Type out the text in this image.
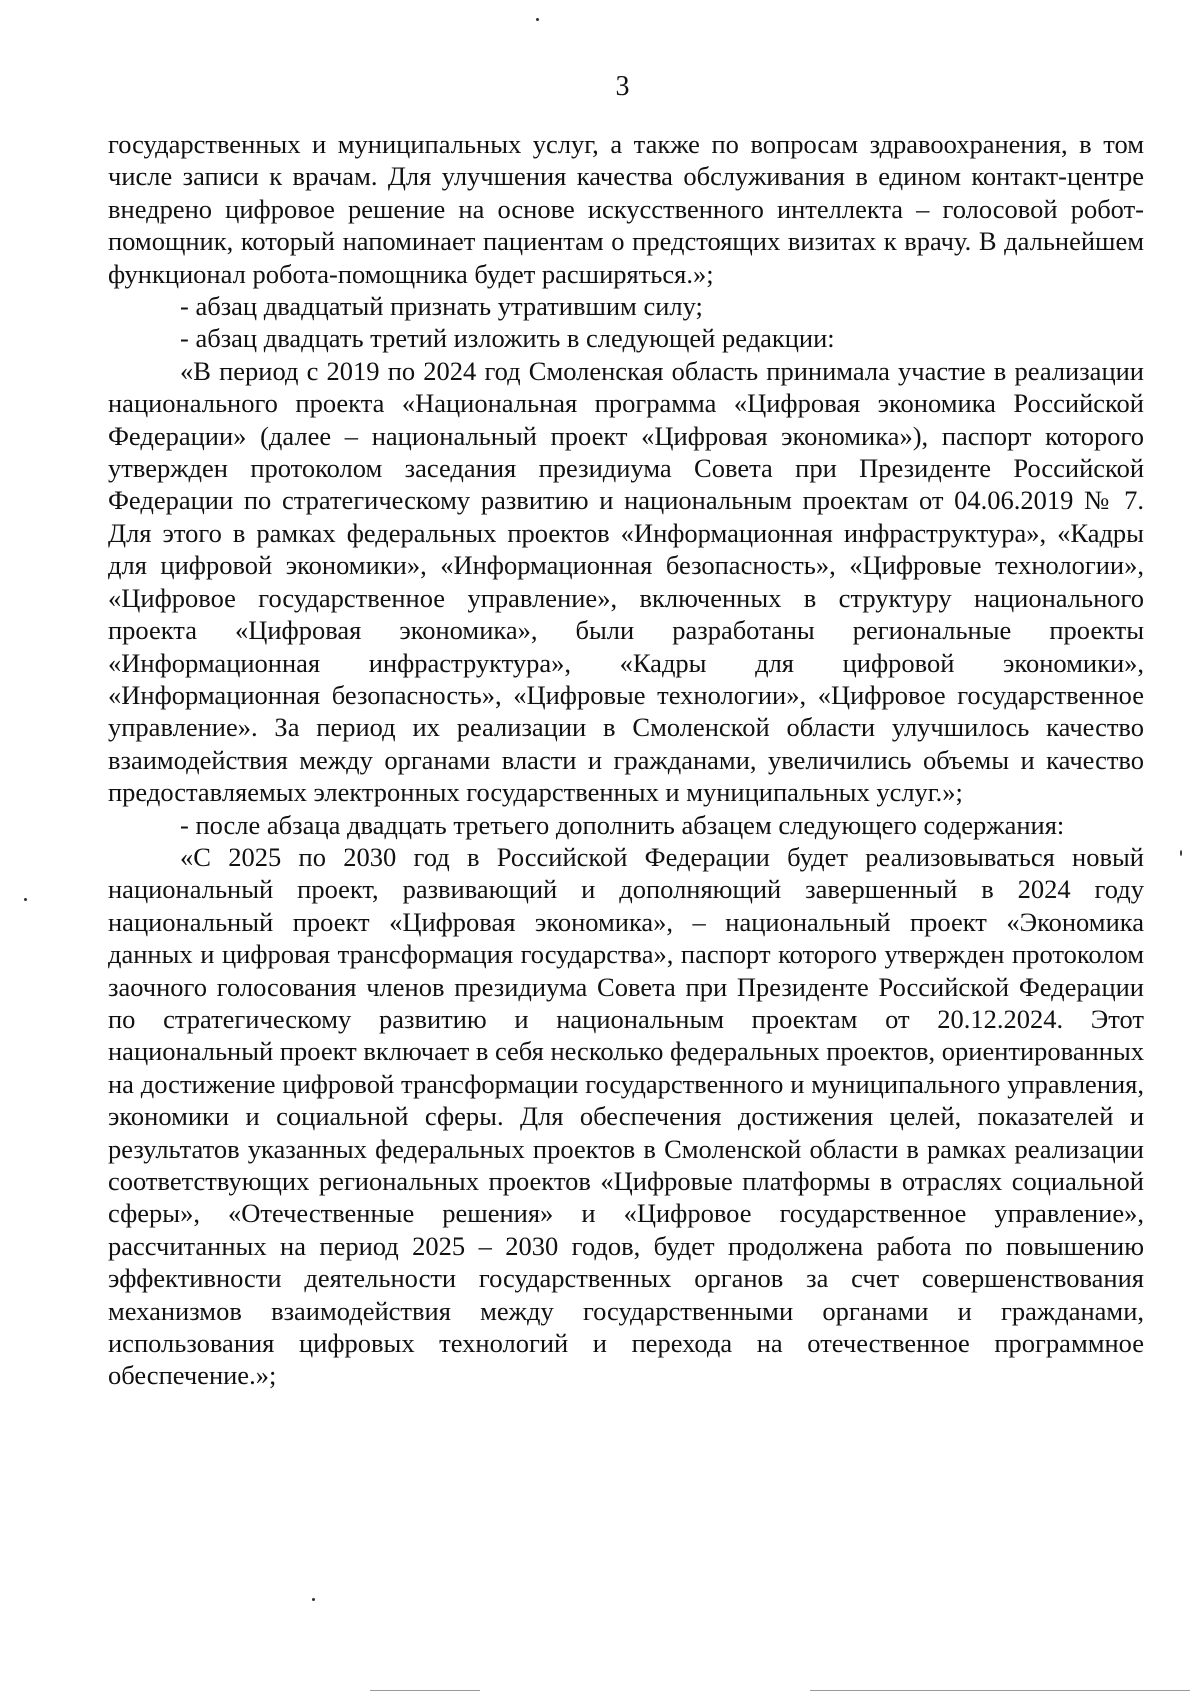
3

государственных и муниципальных услуг, а также по вопросам здравоохранения, в том числе записи к врачам. Для улучшения качества обслуживания в едином контакт-центре внедрено цифровое решение на основе искусственного интеллекта – голосовой робот-помощник, который напоминает пациентам о предстоящих визитах к врачу. В дальнейшем функционал робота-помощника будет расширяться.»;

- абзац двадцатый признать утратившим силу;

- абзац двадцать третий изложить в следующей редакции:

«В период с 2019 по 2024 год Смоленская область принимала участие в реализации национального проекта «Национальная программа «Цифровая экономика Российской Федерации» (далее – национальный проект «Цифровая экономика»), паспорт которого утвержден протоколом заседания президиума Совета при Президенте Российской Федерации по стратегическому развитию и национальным проектам от 04.06.2019 № 7. Для этого в рамках федеральных проектов «Информационная инфраструктура», «Кадры для цифровой экономики», «Информационная безопасность», «Цифровые технологии», «Цифровое государственное управление», включенных в структуру национального проекта «Цифровая экономика», были разработаны региональные проекты «Информационная инфраструктура», «Кадры для цифровой экономики», «Информационная безопасность», «Цифровые технологии», «Цифровое государственное управление». За период их реализации в Смоленской области улучшилось качество взаимодействия между органами власти и гражданами, увеличились объемы и качество предоставляемых электронных государственных и муниципальных услуг.»;

- после абзаца двадцать третьего дополнить абзацем следующего содержания:

«С 2025 по 2030 год в Российской Федерации будет реализовываться новый национальный проект, развивающий и дополняющий завершенный в 2024 году национальный проект «Цифровая экономика», – национальный проект «Экономика данных и цифровая трансформация государства», паспорт которого утвержден протоколом заочного голосования членов президиума Совета при Президенте Российской Федерации по стратегическому развитию и национальным проектам от 20.12.2024. Этот национальный проект включает в себя несколько федеральных проектов, ориентированных на достижение цифровой трансформации государственного и муниципального управления, экономики и социальной сферы. Для обеспечения достижения целей, показателей и результатов указанных федеральных проектов в Смоленской области в рамках реализации соответствующих региональных проектов «Цифровые платформы в отраслях социальной сферы», «Отечественные решения» и «Цифровое государственное управление», рассчитанных на период 2025 – 2030 годов, будет продолжена работа по повышению эффективности деятельности государственных органов за счет совершенствования механизмов взаимодействия между государственными органами и гражданами, использования цифровых технологий и перехода на отечественное программное обеспечение.»;
